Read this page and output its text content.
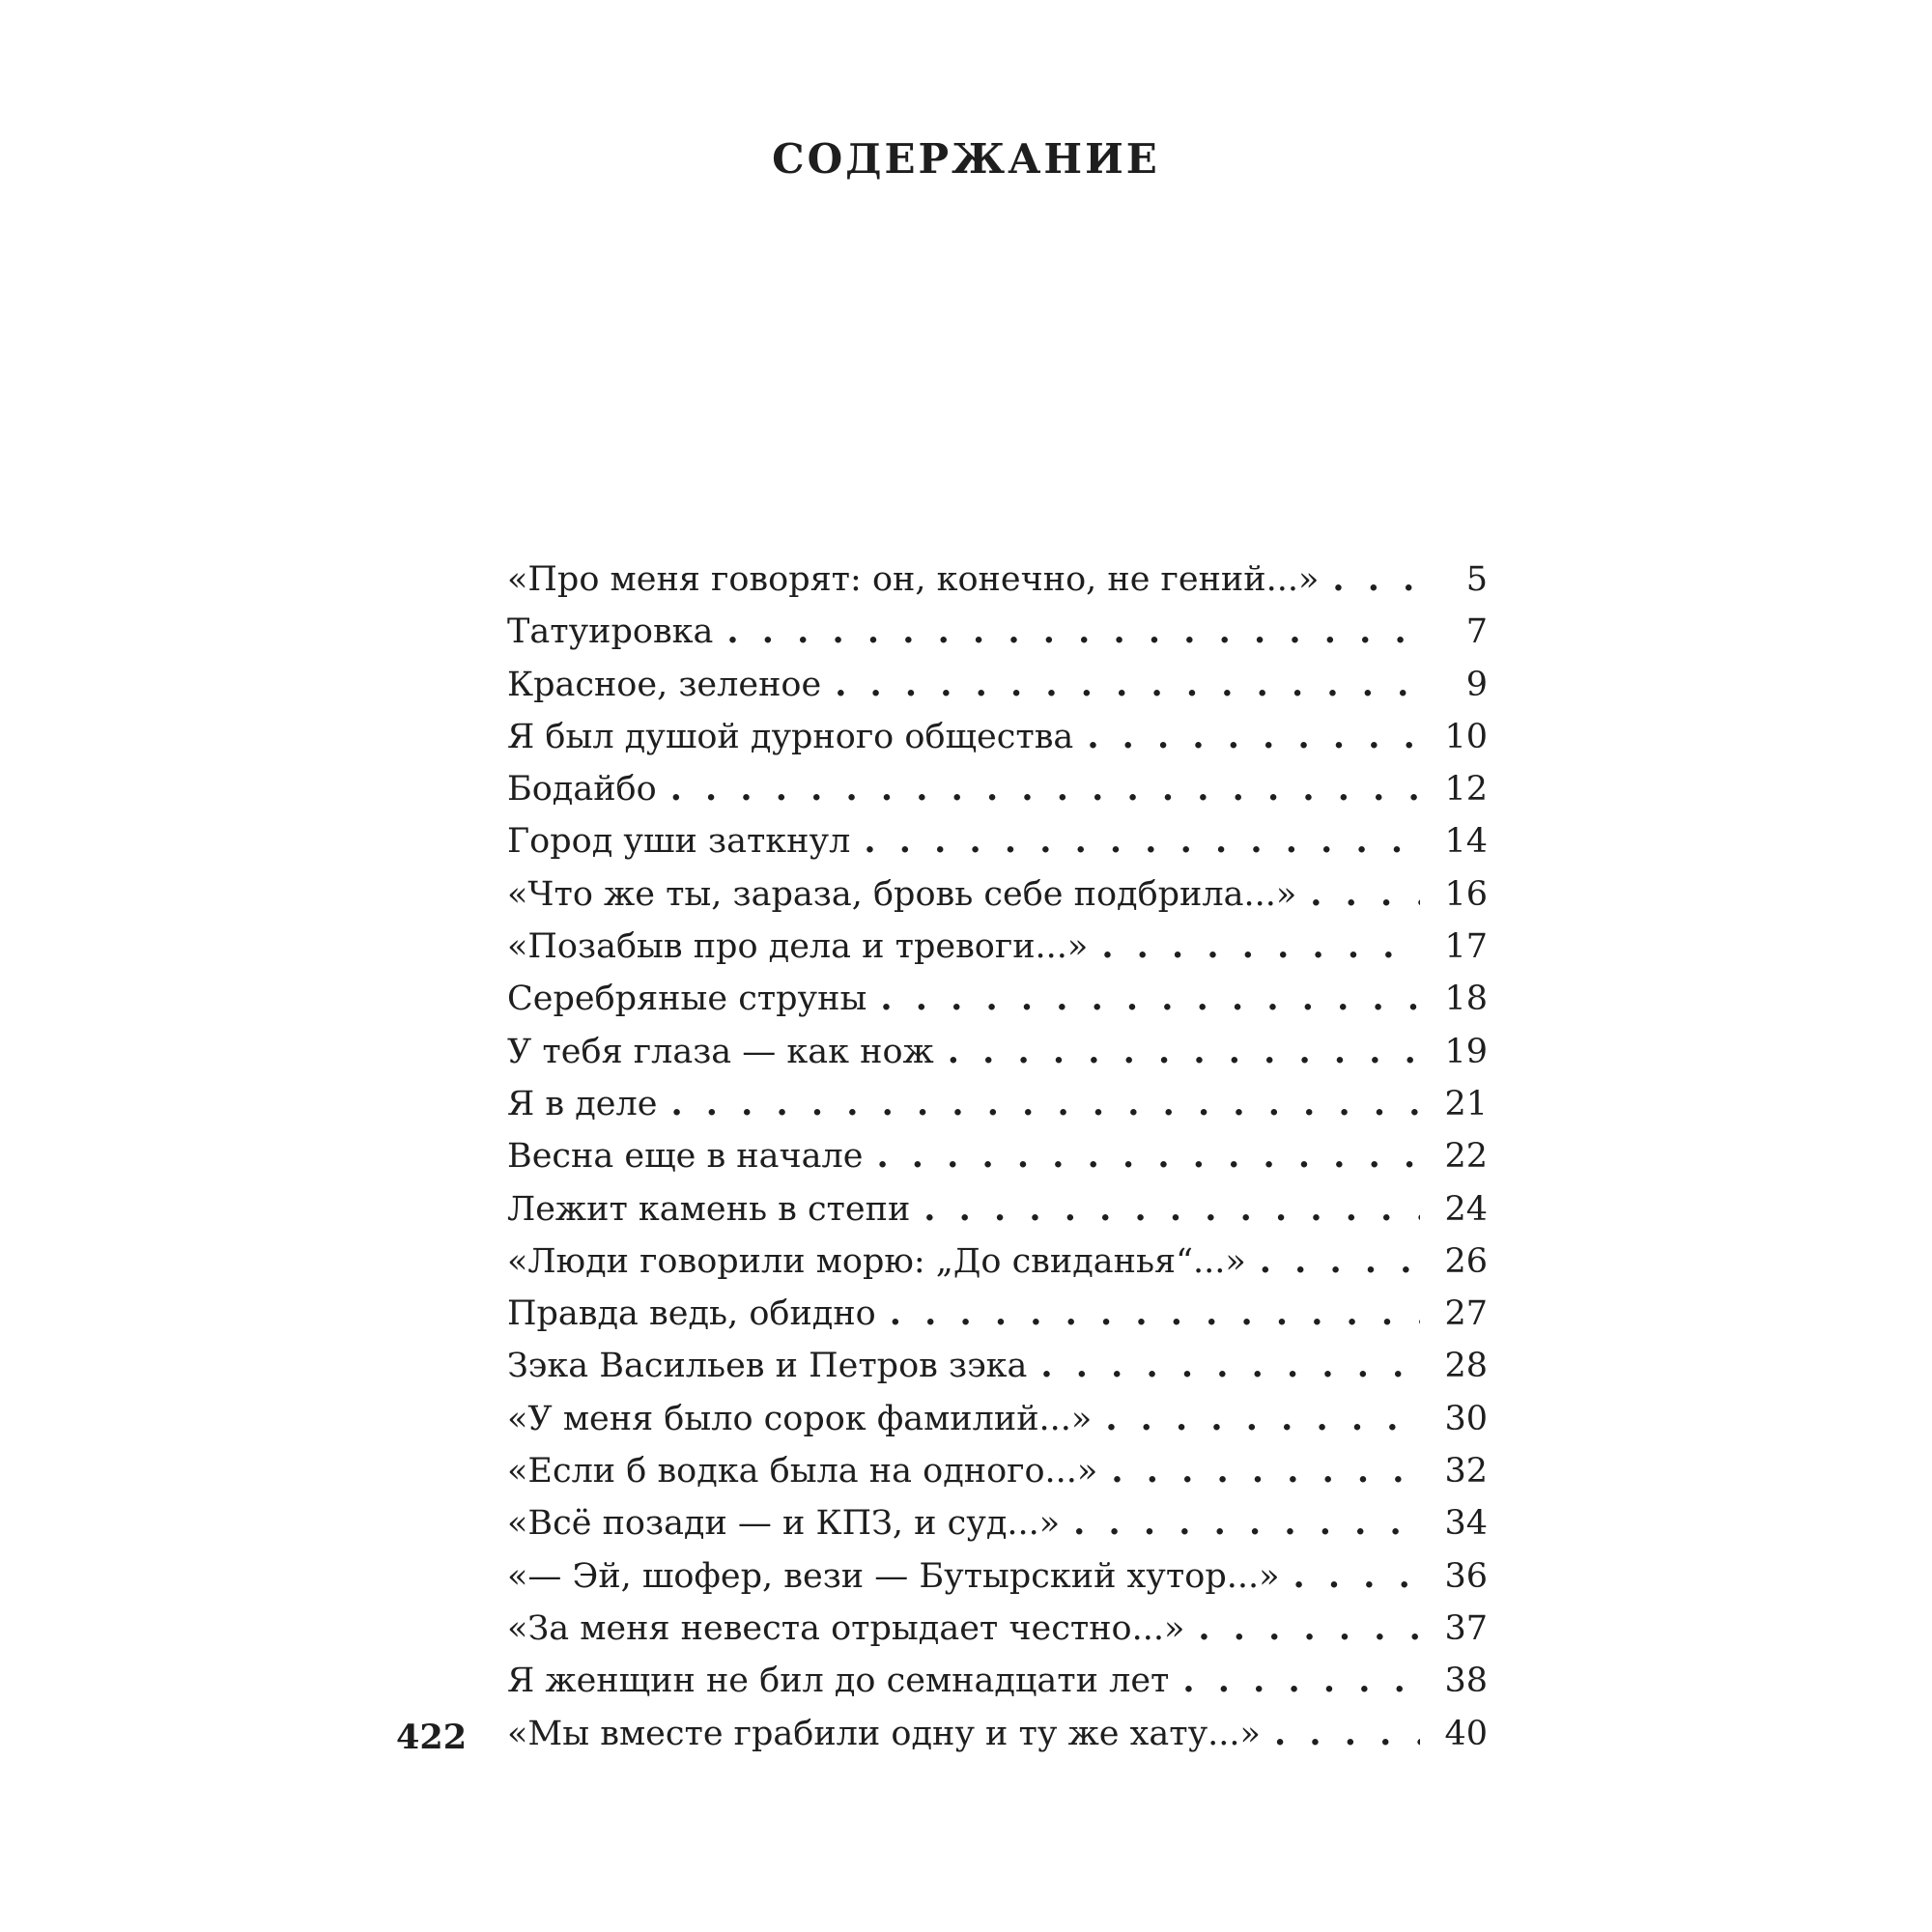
СОДЕРЖАНИЕ
«Про меня говорят: он, конечно, не гений...» . . .	5
Татуировка . . .	7
Красное, зеленое . . .	9
Я был душой дурного общества . . .	10
Бодайбо . . .	12
Город уши заткнул . . .	14
«Что же ты, зараза, бровь себе подбрила...» . . .	16
«Позабыв про дела и тревоги...» . . .	17
Серебряные струны . . .	18
У тебя глаза — как нож . . .	19
Я в деле . . .	21
Весна еще в начале . . .	22
Лежит камень в степи . . .	24
«Люди говорили морю: „До свиданья“...» . . .	26
Правда ведь, обидно . . .	27
Зэка Васильев и Петров зэка . . .	28
«У меня было сорок фамилий...» . . .	30
«Если б водка была на одного...» . . .	32
«Всё позади — и КПЗ, и суд...» . . .	34
«— Эй, шофер, вези — Бутырский хутор...» . . .	36
«За меня невеста отрыдает честно...» . . .	37
Я женщин не бил до семнадцати лет . . .	38
«Мы вместе грабили одну и ту же хату...» . . .	40
422
